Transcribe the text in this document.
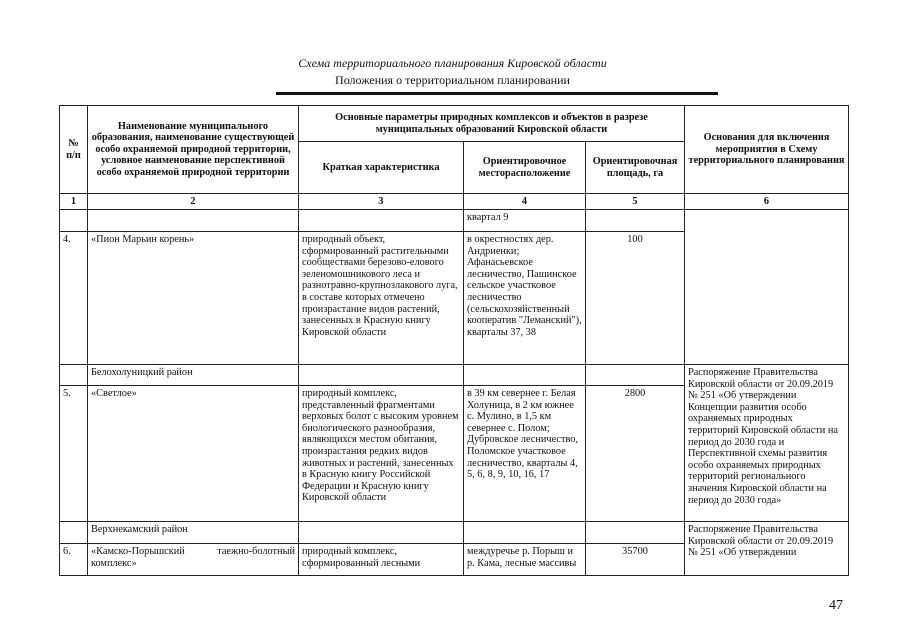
Схема территориального планирования Кировской области
Положения о территориальном планировании
№ п/п	Наименование муниципального образования, наименование существующей особо охраняемой природной территории, условное наименование перспективной особо охраняемой природной территории	Основные параметры природных комплексов и объектов в разрезе муниципальных образований Кировской области			Основания для включения мероприятия в Схему территориального планирования
		Краткая характеристика	Ориентировочное месторасположение	Ориентировочная площадь, га	
1	2	3	4	5	6
			квартал 9		
4.	«Пион Марьин корень»	природный объект, сформированный растительными сообществами березово-елового зеленомошникового леса и разнотравно-крупнозлакового луга, в составе которых отмечено произрастание видов растений, занесенных в Красную книгу Кировской области	в окрестностях дер. Андриенки; Афанасьевское лесничество, Пашинское сельское участковое лесничество (сельскохозяйственный кооператив "Леманский"), кварталы 37, 38	100	
	Белохолуницкий район				Распоряжение Правительства Кировской области от 20.09.2019 № 251 «Об утверждении Концепции развития особо охраняемых природных территорий Кировской области на период до 2030 года и Перспективной схемы развития особо охраняемых природных территорий регионального значения Кировской области на период до 2030 года»
5.	«Светлое»	природный комплекс, представленный фрагментами верховых болот с высоким уровнем биологического разнообразия, являющихся местом обитания, произрастания редких видов животных и растений, занесенных в Красную книгу Российской Федерации и Красную книгу Кировской области	в 39 км севернее г. Белая Холуница, в 2 км южнее с. Мулино, в 1,5 км севернее с. Полом; Дубровское лесничество, Поломское участковое лесничество, кварталы 4, 5, 6, 8, 9, 10, 16, 17	2800	
	Верхнекамский район				Распоряжение Правительства Кировской области от 20.09.2019 № 251 «Об утверждении
6.	«Камско-Порышский таежно-болотный
комплекс»	природный комплекс, сформированный лесными	междуречье р. Порыш и р. Кама, лесные массивы	35700	
47
